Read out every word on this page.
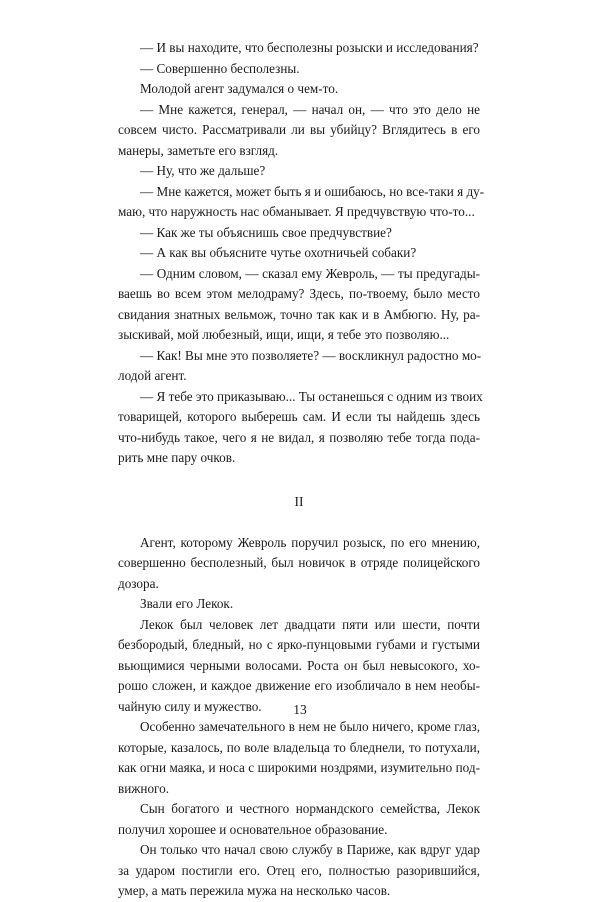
— И вы находите, что бесполезны розыски и исследования?
— Совершенно бесполезны.
Молодой агент задумался о чем-то.
— Мне кажется, генерал, — начал он, — что это дело не
совсем чисто. Рассматривали ли вы убийцу? Вглядитесь в его
манеры, заметьте его взгляд.
— Ну, что же дальше?
— Мне кажется, может быть я и ошибаюсь, но все-таки я ду-
маю, что наружность нас обманывает. Я предчувствую что-то...
— Как же ты объяснишь свое предчувствие?
— А как вы объясните чутье охотничьей собаки?
— Одним словом, — сказал ему Жевроль, — ты предугады-
ваешь во всем этом мелодраму? Здесь, по-твоему, было место
свидания знатных вельмож, точно так как и в Амбюгю. Ну, ра-
зыскивай, мой любезный, ищи, ищи, я тебе это позволяю...
— Как! Вы мне это позволяете? — воскликнул радостно мо-
лодой агент.
— Я тебе это приказываю... Ты останешься с одним из твоих
товарищей, которого выберешь сам. И если ты найдешь здесь
что-нибудь такое, чего я не видал, я позволяю тебе тогда пода-
рить мне пару очков.
II
Агент, которому Жевроль поручил розыск, по его мнению,
совершенно бесполезный, был новичок в отряде полицейского
дозора.
Звали его Лекок.
Лекок был человек лет двадцати пяти или шести, почти
безбородый, бледный, но с ярко-пунцовыми губами и густыми
вьющимися черными волосами. Роста он был невысокого, хо-
рошо сложен, и каждое движение его изобличало в нем необы-
чайную силу и мужество.
Особенно замечательного в нем не было ничего, кроме глаз,
которые, казалось, по воле владельца то бледнели, то потухали,
как огни маяка, и носа с широкими ноздрями, изумительно под-
вижного.
Сын богатого и честного нормандского семейства, Лекок
получил хорошее и основательное образование.
Он только что начал свою службу в Париже, как вдруг удар
за ударом постигли его. Отец его, полностью разорившийся,
умер, а мать пережила мужа на несколько часов.
13
